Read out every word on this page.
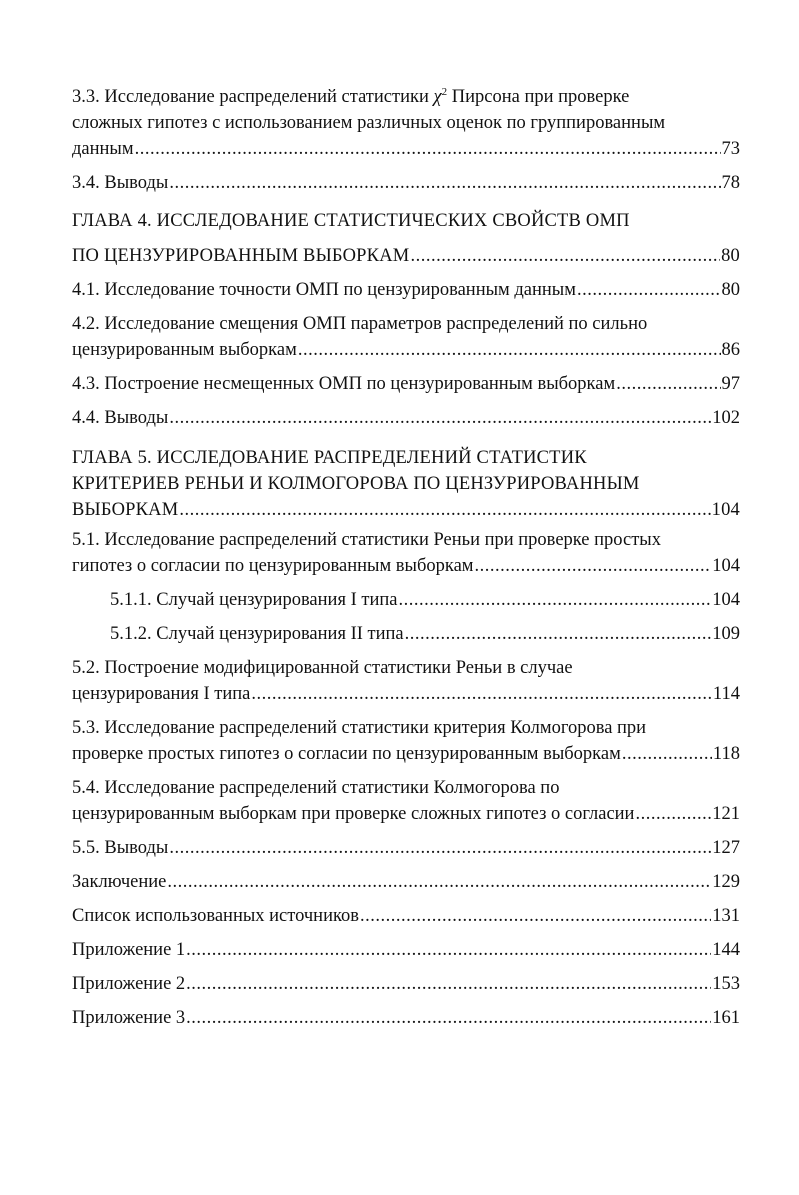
3.3. Исследование распределений статистики $\chi^2$ Пирсона при проверке
сложных гипотез с использованием различных оценок по группированным
данным .....	73
3.4. Выводы .....	78
ГЛАВА 4. ИССЛЕДОВАНИЕ СТАТИСТИЧЕСКИХ СВОЙСТВ ОМП
ПО ЦЕНЗУРИРОВАННЫМ ВЫБОРКАМ .....	80
4.1. Исследование точности ОМП по цензурированным данным .....	80
4.2. Исследование смещения ОМП параметров распределений по сильно
цензурированным выборкам .....	86
4.3. Построение несмещенных ОМП по цензурированным выборкам .....	97
4.4. Выводы .....	102
ГЛАВА 5. ИССЛЕДОВАНИЕ РАСПРЕДЕЛЕНИЙ СТАТИСТИК
КРИТЕРИЕВ РЕНЬИ И КОЛМОГОРОВА ПО ЦЕНЗУРИРОВАННЫМ
ВЫБОРКАМ .....	104
5.1. Исследование распределений статистики Реньи при проверке простых
гипотез о согласии по цензурированным выборкам .....	104
5.1.1. Случай цензурирования I типа .....	104
5.1.2. Случай цензурирования II типа .....	109
5.2. Построение модифицированной статистики Реньи в случае
цензурирования I типа .....	114
5.3. Исследование распределений статистики критерия Колмогорова при
проверке простых гипотез о согласии по цензурированным выборкам .....	118
5.4. Исследование распределений статистики Колмогорова по
цензурированным выборкам при проверке сложных гипотез о согласии .....	121
5.5. Выводы .....	127
Заключение .....	129
Список использованных источников .....	131
Приложение 1 .....	144
Приложение 2 .....	153
Приложение 3 .....	161
